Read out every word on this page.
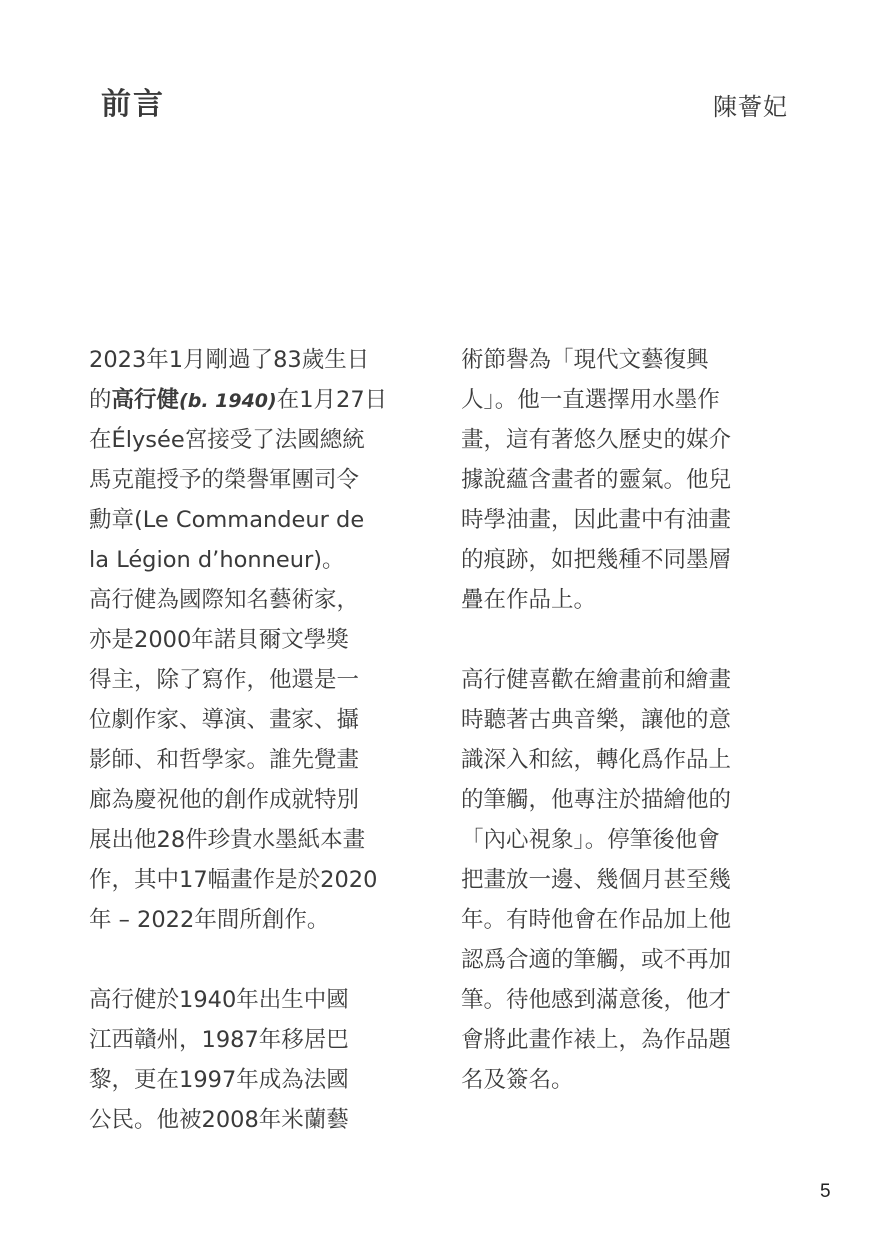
前言	陳薈妃
2023年1月剛過了83歲生日
的高行健(b. 1940)在1月27日
在Élysée宮接受了法國總統
馬克龍授予的榮譽軍團司令
勳章(Le Commandeur de
la Légion d’honneur)。
高行健為國際知名藝術家，
亦是2000年諾貝爾文學獎
得主，除了寫作，他還是一
位劇作家、導演、畫家、攝
影師、和哲學家。誰先覺畫
廊為慶祝他的創作成就特別
展出他28件珍貴水墨紙本畫
作，其中17幅畫作是於2020
年 – 2022年間所創作。
高行健於1940年出生中國
江西贛州，1987年移居巴
黎，更在1997年成為法國
公民。他被2008年米蘭藝
術節譽為「現代文藝復興
人」。他一直選擇用水墨作
畫，這有著悠久歷史的媒介
據說蘊含畫者的靈氣。他兒
時學油畫，因此畫中有油畫
的痕跡，如把幾種不同墨層
疊在作品上。
高行健喜歡在繪畫前和繪畫
時聽著古典音樂，讓他的意
識深入和絃，轉化爲作品上
的筆觸，他專注於描繪他的
「內心視象」。停筆後他會
把畫放一邊、幾個月甚至幾
年。有時他會在作品加上他
認爲合適的筆觸，或不再加
筆。待他感到滿意後，他才
會將此畫作裱上，為作品題
名及簽名。
5
